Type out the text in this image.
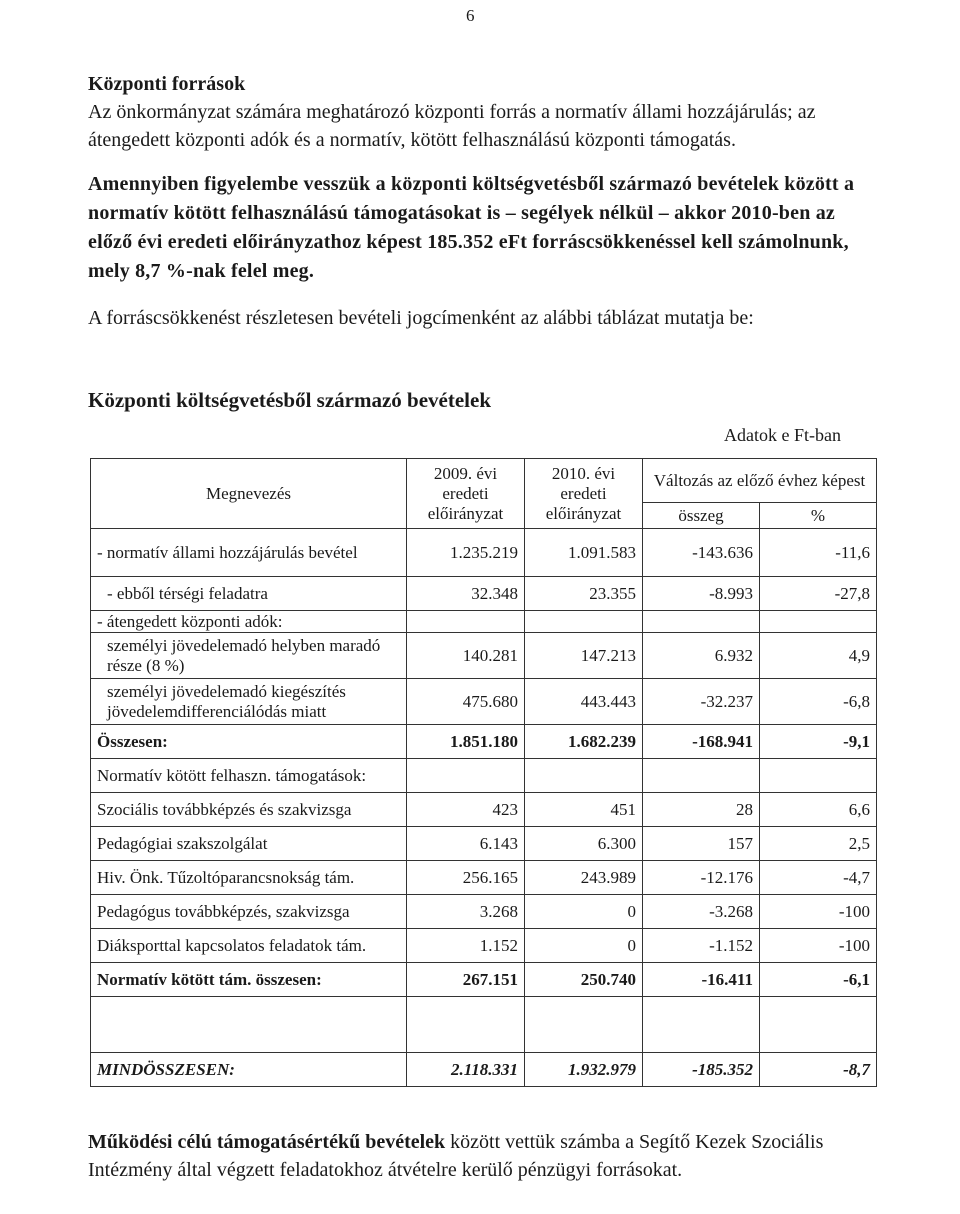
6
Központi források
Az önkormányzat számára meghatározó központi forrás a normatív állami hozzájárulás; az átengedett központi adók és a normatív, kötött felhasználású központi támogatás.
Amennyiben figyelembe vesszük a központi költségvetésből származó bevételek között a normatív kötött felhasználású támogatásokat is – segélyek nélkül – akkor 2010-ben az előző évi eredeti előirányzathoz képest 185.352 eFt forráscsökkenéssel kell számolnunk, mely 8,7 %-nak felel meg.
A forráscsökkenést részletesen bevételi jogcímenként az alábbi táblázat mutatja be:
Központi költségvetésből származó bevételek
Adatok e Ft-ban
Megnevezés	2009. évi eredeti előirányzat	2010. évi eredeti előirányzat	Változás az előző évhez képest	
			összeg	%
- normatív állami hozzájárulás bevétel	1.235.219	1.091.583	-143.636	-11,6
- ebből térségi feladatra	32.348	23.355	-8.993	-27,8
- átengedett központi adók:				
személyi jövedelemadó helyben maradó része (8 %)	140.281	147.213	6.932	4,9
személyi jövedelemadó kiegészítés jövedelemdifferenciálódás miatt	475.680	443.443	-32.237	-6,8
Összesen:	1.851.180	1.682.239	-168.941	-9,1
Normatív kötött felhaszn. támogatások:				
Szociális továbbképzés és szakvizsga	423	451	28	6,6
Pedagógiai szakszolgálat	6.143	6.300	157	2,5
Hiv. Önk. Tűzoltóparancsnokság tám.	256.165	243.989	-12.176	-4,7
Pedagógus továbbképzés, szakvizsga	3.268	0	-3.268	-100
Diáksporttal kapcsolatos feladatok tám.	1.152	0	-1.152	-100
Normatív kötött tám. összesen:	267.151	250.740	-16.411	-6,1

MINDÖSSZESEN:	2.118.331	1.932.979	-185.352	-8,7
Működési célú támogatásértékű bevételek között vettük számba a Segítő Kezek Szociális Intézmény által végzett feladatokhoz átvételre kerülő pénzügyi forrásokat.
